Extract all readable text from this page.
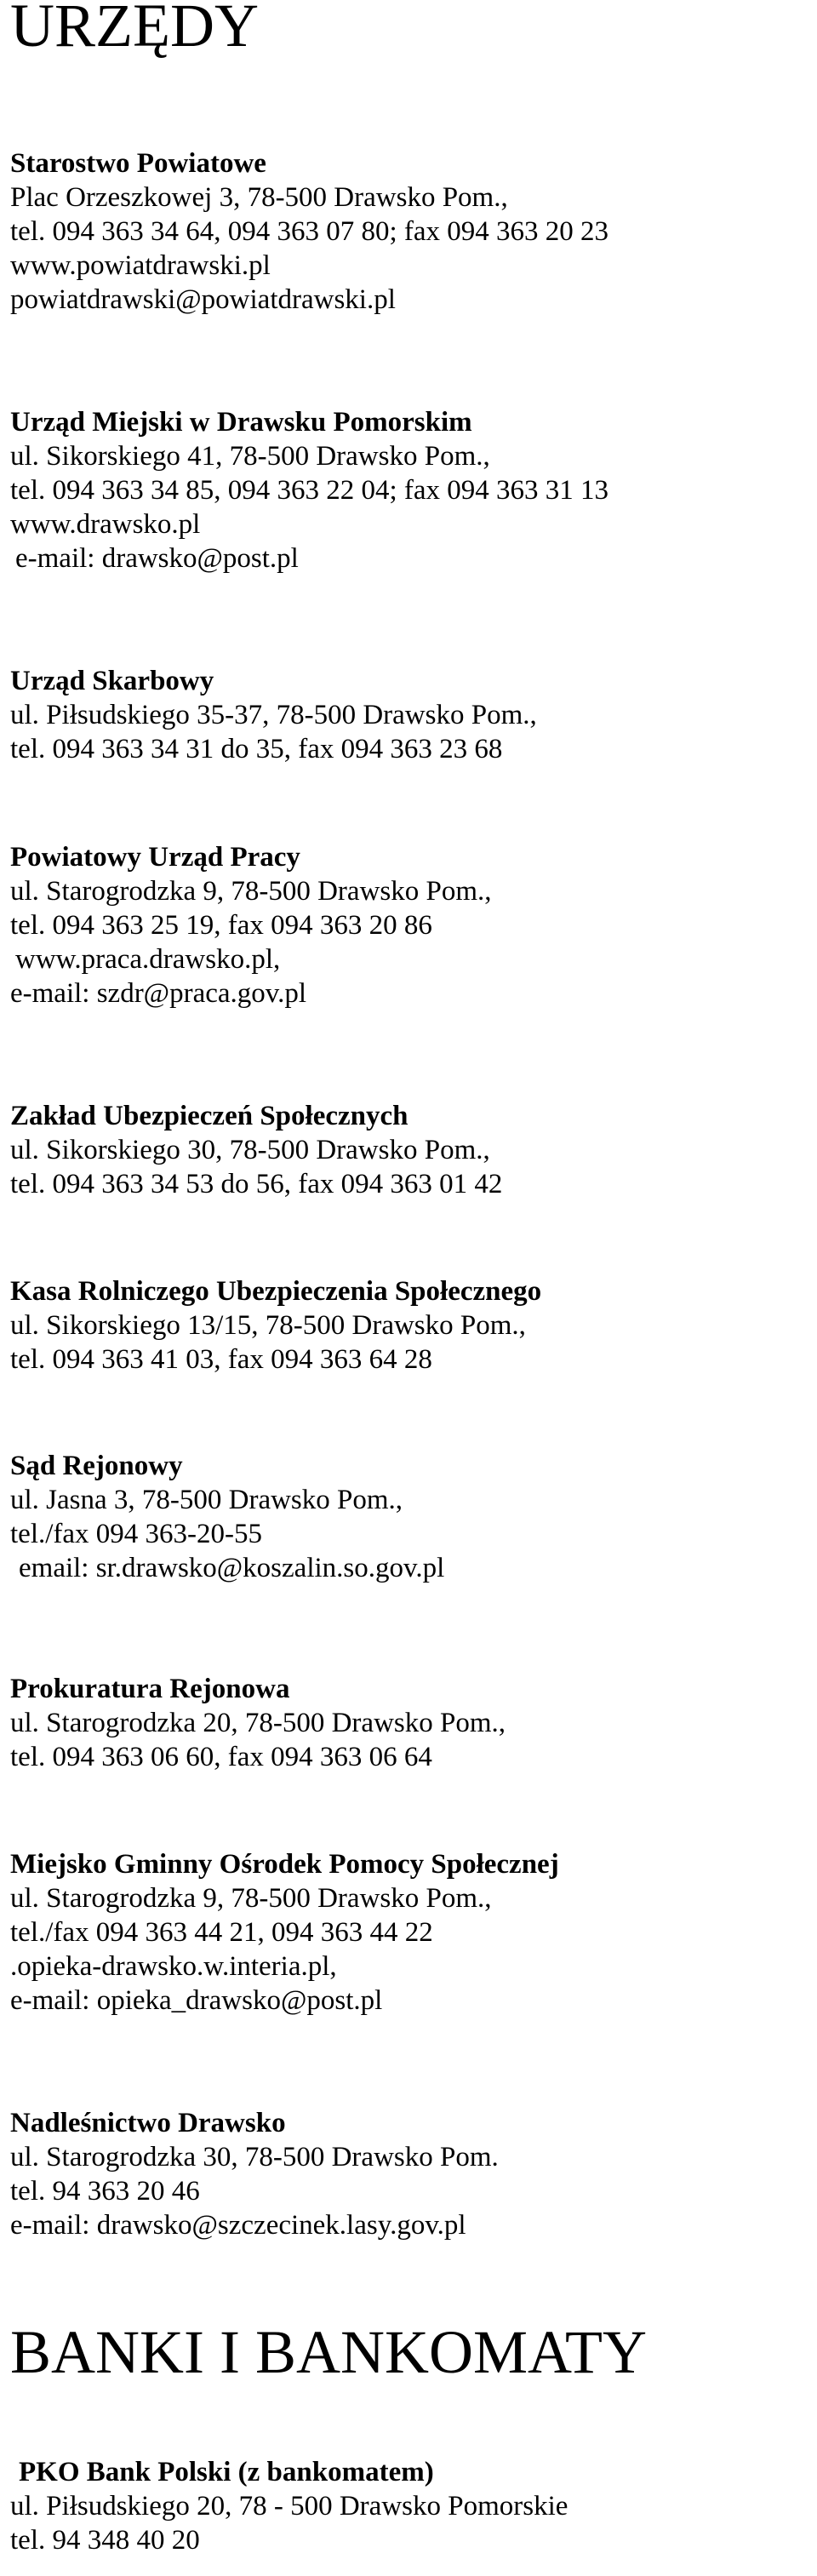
URZĘDY
Starostwo Powiatowe
Plac Orzeszkowej 3, 78-500 Drawsko Pom.,
tel. 094 363 34 64, 094 363 07 80; fax 094 363 20 23
www.powiatdrawski.pl
powiatdrawski@powiatdrawski.pl
Urząd Miejski w Drawsku Pomorskim
ul. Sikorskiego 41, 78-500 Drawsko Pom.,
tel. 094 363 34 85, 094 363 22 04; fax 094 363 31 13
www.drawsko.pl
e-mail: drawsko@post.pl
Urząd Skarbowy
ul. Piłsudskiego 35-37, 78-500 Drawsko Pom.,
tel. 094 363 34 31 do 35, fax 094 363 23 68
Powiatowy Urząd Pracy
ul. Starogrodzka 9, 78-500 Drawsko Pom.,
tel. 094 363 25 19, fax 094 363 20 86
www.praca.drawsko.pl,
e-mail: szdr@praca.gov.pl
Zakład Ubezpieczeń Społecznych
ul. Sikorskiego 30, 78-500 Drawsko Pom.,
tel. 094 363 34 53 do 56, fax 094 363 01 42
Kasa Rolniczego Ubezpieczenia Społecznego
ul. Sikorskiego 13/15, 78-500 Drawsko Pom.,
tel. 094 363 41 03, fax 094 363 64 28
Sąd Rejonowy
ul. Jasna 3, 78-500 Drawsko Pom.,
tel./fax 094 363-20-55
email: sr.drawsko@koszalin.so.gov.pl
Prokuratura Rejonowa
ul. Starogrodzka 20, 78-500 Drawsko Pom.,
tel. 094 363 06 60, fax 094 363 06 64
Miejsko Gminny Ośrodek Pomocy Społecznej
ul. Starogrodzka 9, 78-500 Drawsko Pom.,
tel./fax 094 363 44 21, 094 363 44 22
.opieka-drawsko.w.interia.pl,
e-mail: opieka_drawsko@post.pl
Nadleśnictwo Drawsko
ul. Starogrodzka 30, 78-500 Drawsko Pom.
tel. 94 363 20 46
e-mail: drawsko@szczecinek.lasy.gov.pl
BANKI I BANKOMATY
PKO Bank Polski (z bankomatem)
ul. Piłsudskiego 20, 78 - 500 Drawsko Pomorskie
tel. 94 348 40 20
